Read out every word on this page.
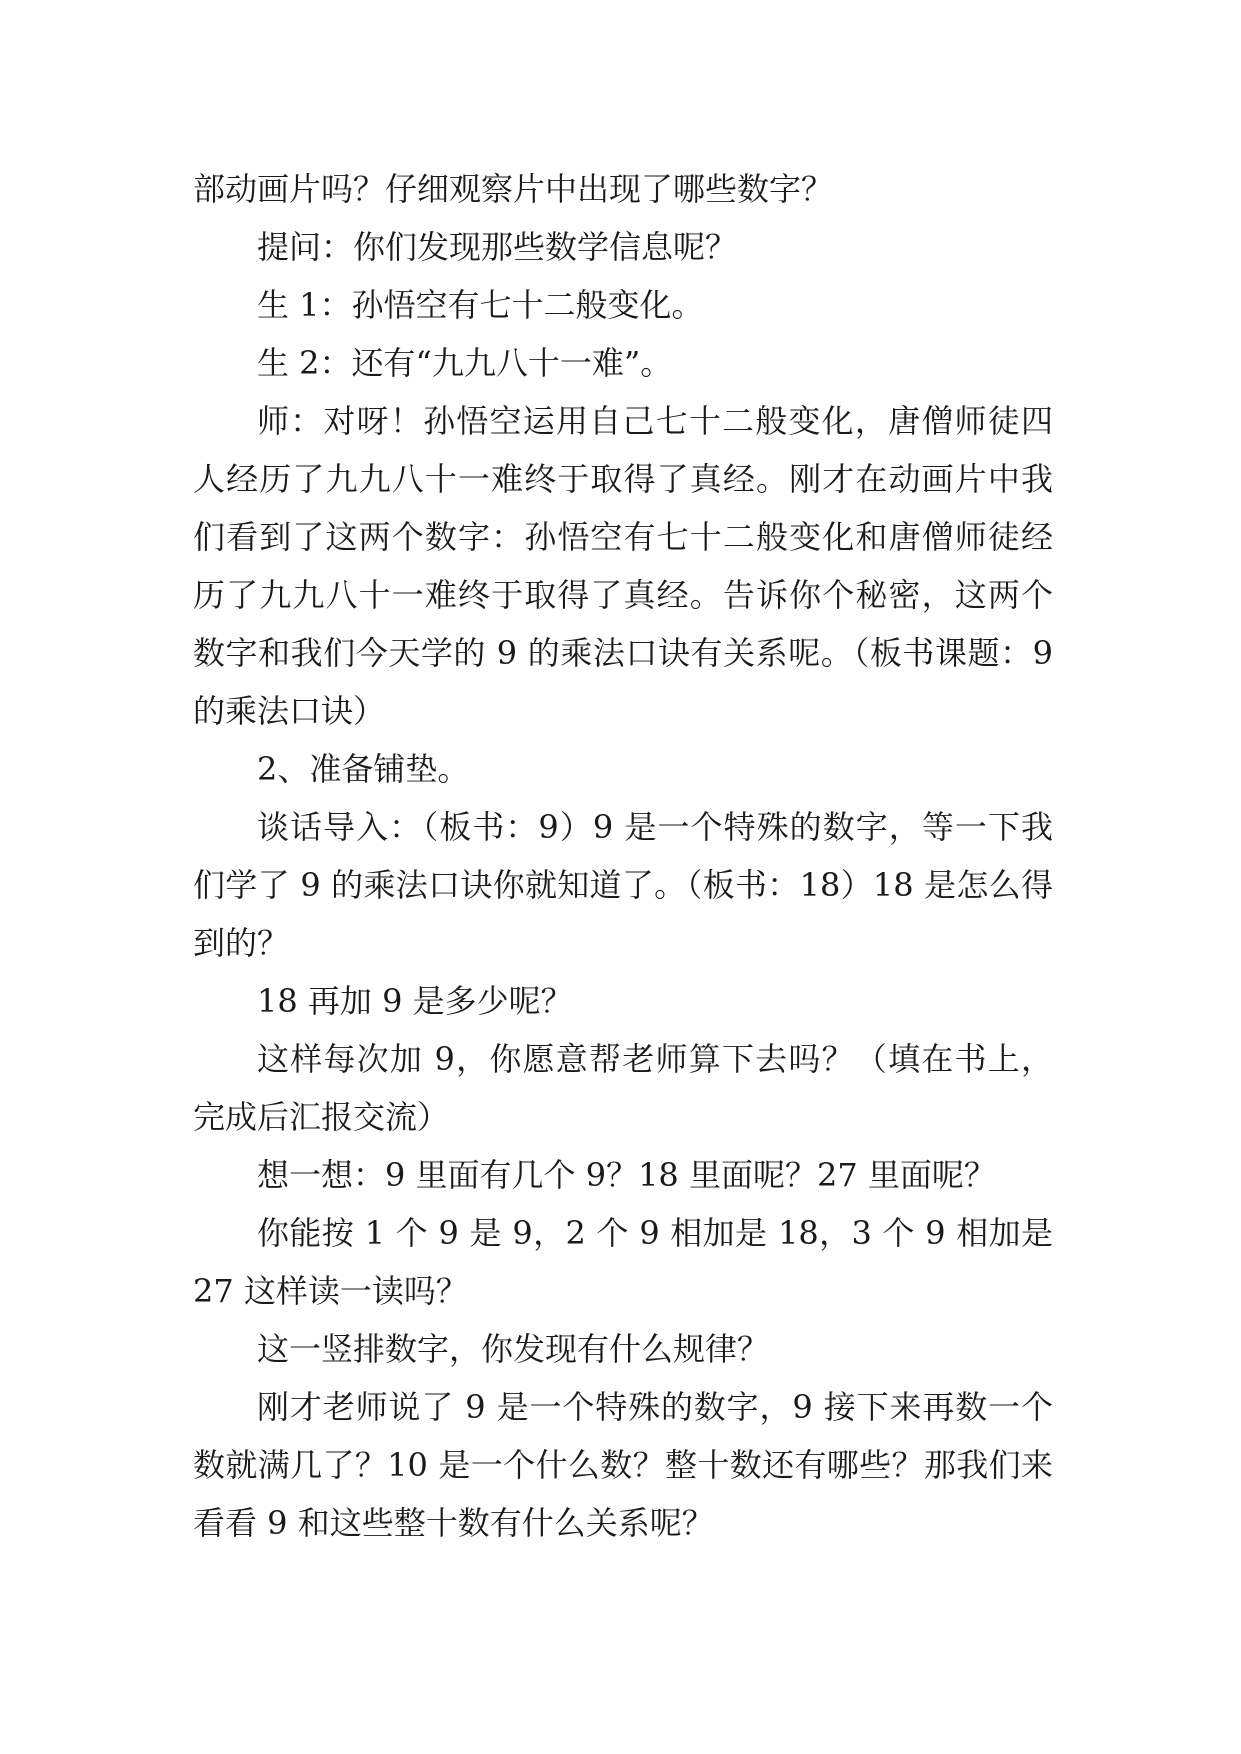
部动画片吗？仔细观察片中出现了哪些数字？

提问：你们发现那些数学信息呢？

生 1：孙悟空有七十二般变化。

生 2：还有“九九八十一难”。

师：对呀！孙悟空运用自己七十二般变化，唐僧师徒四人经历了九九八十一难终于取得了真经。刚才在动画片中我们看到了这两个数字：孙悟空有七十二般变化和唐僧师徒经历了九九八十一难终于取得了真经。告诉你个秘密，这两个数字和我们今天学的 9 的乘法口诀有关系呢。（板书课题：9 的乘法口诀）

2、准备铺垫。

谈话导入：（板书：9）9 是一个特殊的数字，等一下我们学了 9 的乘法口诀你就知道了。（板书：18）18 是怎么得到的？

18 再加 9 是多少呢？

这样每次加 9，你愿意帮老师算下去吗？（填在书上，完成后汇报交流）

想一想：9 里面有几个 9？18 里面呢？27 里面呢？

你能按 1 个 9 是 9，2 个 9 相加是 18，3 个 9 相加是 27 这样读一读吗？

这一竖排数字，你发现有什么规律？

刚才老师说了 9 是一个特殊的数字，9 接下来再数一个数就满几了？10 是一个什么数？整十数还有哪些？那我们来看看 9 和这些整十数有什么关系呢？
